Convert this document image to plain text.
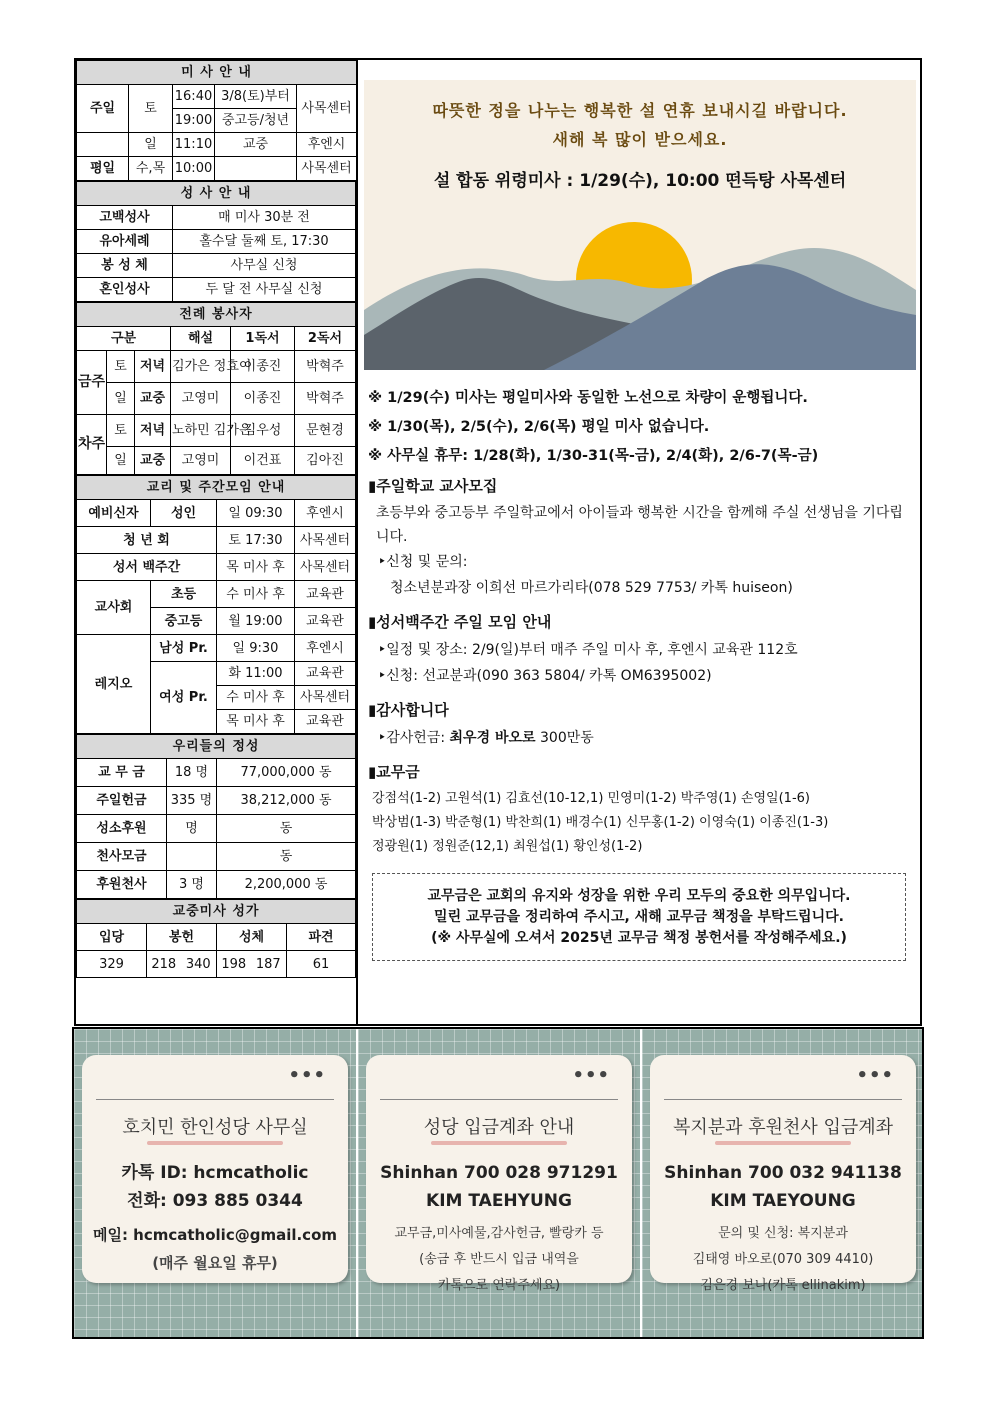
미 사 안 내				
주일	토	16:40	3/8(토)부터	사목센터
		19:00	중고등/청년	
	일	11:10	교중	후엔시
평일	수,목	10:00		사목센터
성 사 안 내	
고백성사	매 미사 30분 전
유아세례	홀수달 둘째 토, 17:30
봉 성 체	사무실 신청
혼인성사	두 달 전 사무실 신청
전례 봉사자					
구분			해설	1독서	2독서
금주	토	저녁	김가은 정효이	이종진	박혁주
	일	교중	고영미	이종진	박혁주
차주	토	저녁	노하민 김가은	김우성	문현경
	일	교중	고영미	이건표	김아진
교리 및 주간모임 안내			
예비신자	성인	일 09:30	후엔시
청 년 회		토 17:30	사목센터
성서 백주간		목 미사 후	사목센터
교사회	초등	수 미사 후	교육관
	중고등	월 19:00	교육관
레지오	남성 Pr.	일 9:30	후엔시
	여성 Pr.	화 11:00	교육관
		수 미사 후	사목센터
		목 미사 후	교육관
우리들의 정성		
교 무 금	18 명	77,000,000 동
주일헌금	335 명	38,212,000 동
성소후원	명	동
천사모금		동
후원천사	3 명	2,200,000 동
교중미사 성가					
입당	봉헌		성체		파견
329	218	340	198	187	61
따뜻한 정을 나누는 행복한 설 연휴 보내시길 바랍니다.
새해 복 많이 받으세요.
설 합동 위령미사 : 1/29(수), 10:00 떤득탕 사목센터
※ 1/29(수) 미사는 평일미사와 동일한 노선으로 차량이 운행됩니다.
※ 1/30(목), 2/5(수), 2/6(목) 평일 미사 없습니다.
※ 사무실 휴무: 1/28(화), 1/30-31(목-금), 2/4(화), 2/6-7(목-금)
▮주일학교 교사모집
초등부와 중고등부 주일학교에서 아이들과 행복한 시간을 함께해 주실 선생님을 기다립니다.
‣신청 및 문의:
청소년분과장 이희선 마르가리타(078 529 7753/ 카톡 huiseon)
▮성서백주간 주일 모임 안내
‣일정 및 장소: 2/9(일)부터 매주 주일 미사 후, 후엔시 교육관 112호
‣신청: 선교분과(090 363 5804/ 카톡 OM6395002)
▮감사합니다
‣감사헌금: 최우경 바오로 300만동
▮교무금
강점석(1-2) 고원석(1) 김효선(10-12,1) 민영미(1-2) 박주영(1) 손영일(1-6)
박상범(1-3) 박준형(1) 박찬희(1) 배경수(1) 신무홍(1-2) 이영숙(1) 이종진(1-3)
정광원(1) 정원준(12,1) 최원섭(1) 황인성(1-2)
교무금은 교회의 유지와 성장을 위한 우리 모두의 중요한 의무입니다.
밀린 교무금을 정리하여 주시고, 새해 교무금 책정을 부탁드립니다.
(※ 사무실에 오셔서 2025년 교무금 책정 봉헌서를 작성해주세요.)
•••
호치민 한인성당 사무실
카톡 ID: hcmcatholic
전화: 093 885 0344
메일: hcmcatholic@gmail.com
(매주 월요일 휴무)
•••
성당 입금계좌 안내
Shinhan 700 028 971291
KIM TAEHYUNG
교무금,미사예물,감사헌금, 빨랑카 등
(송금 후 반드시 입금 내역을
카톡으로 연락주세요)
•••
복지분과 후원천사 입금계좌
Shinhan 700 032 941138
KIM TAEYOUNG
문의 및 신청: 복지분과
김태영 바오로(070 309 4410)
김은경 보나(카톡 ellinakim)
